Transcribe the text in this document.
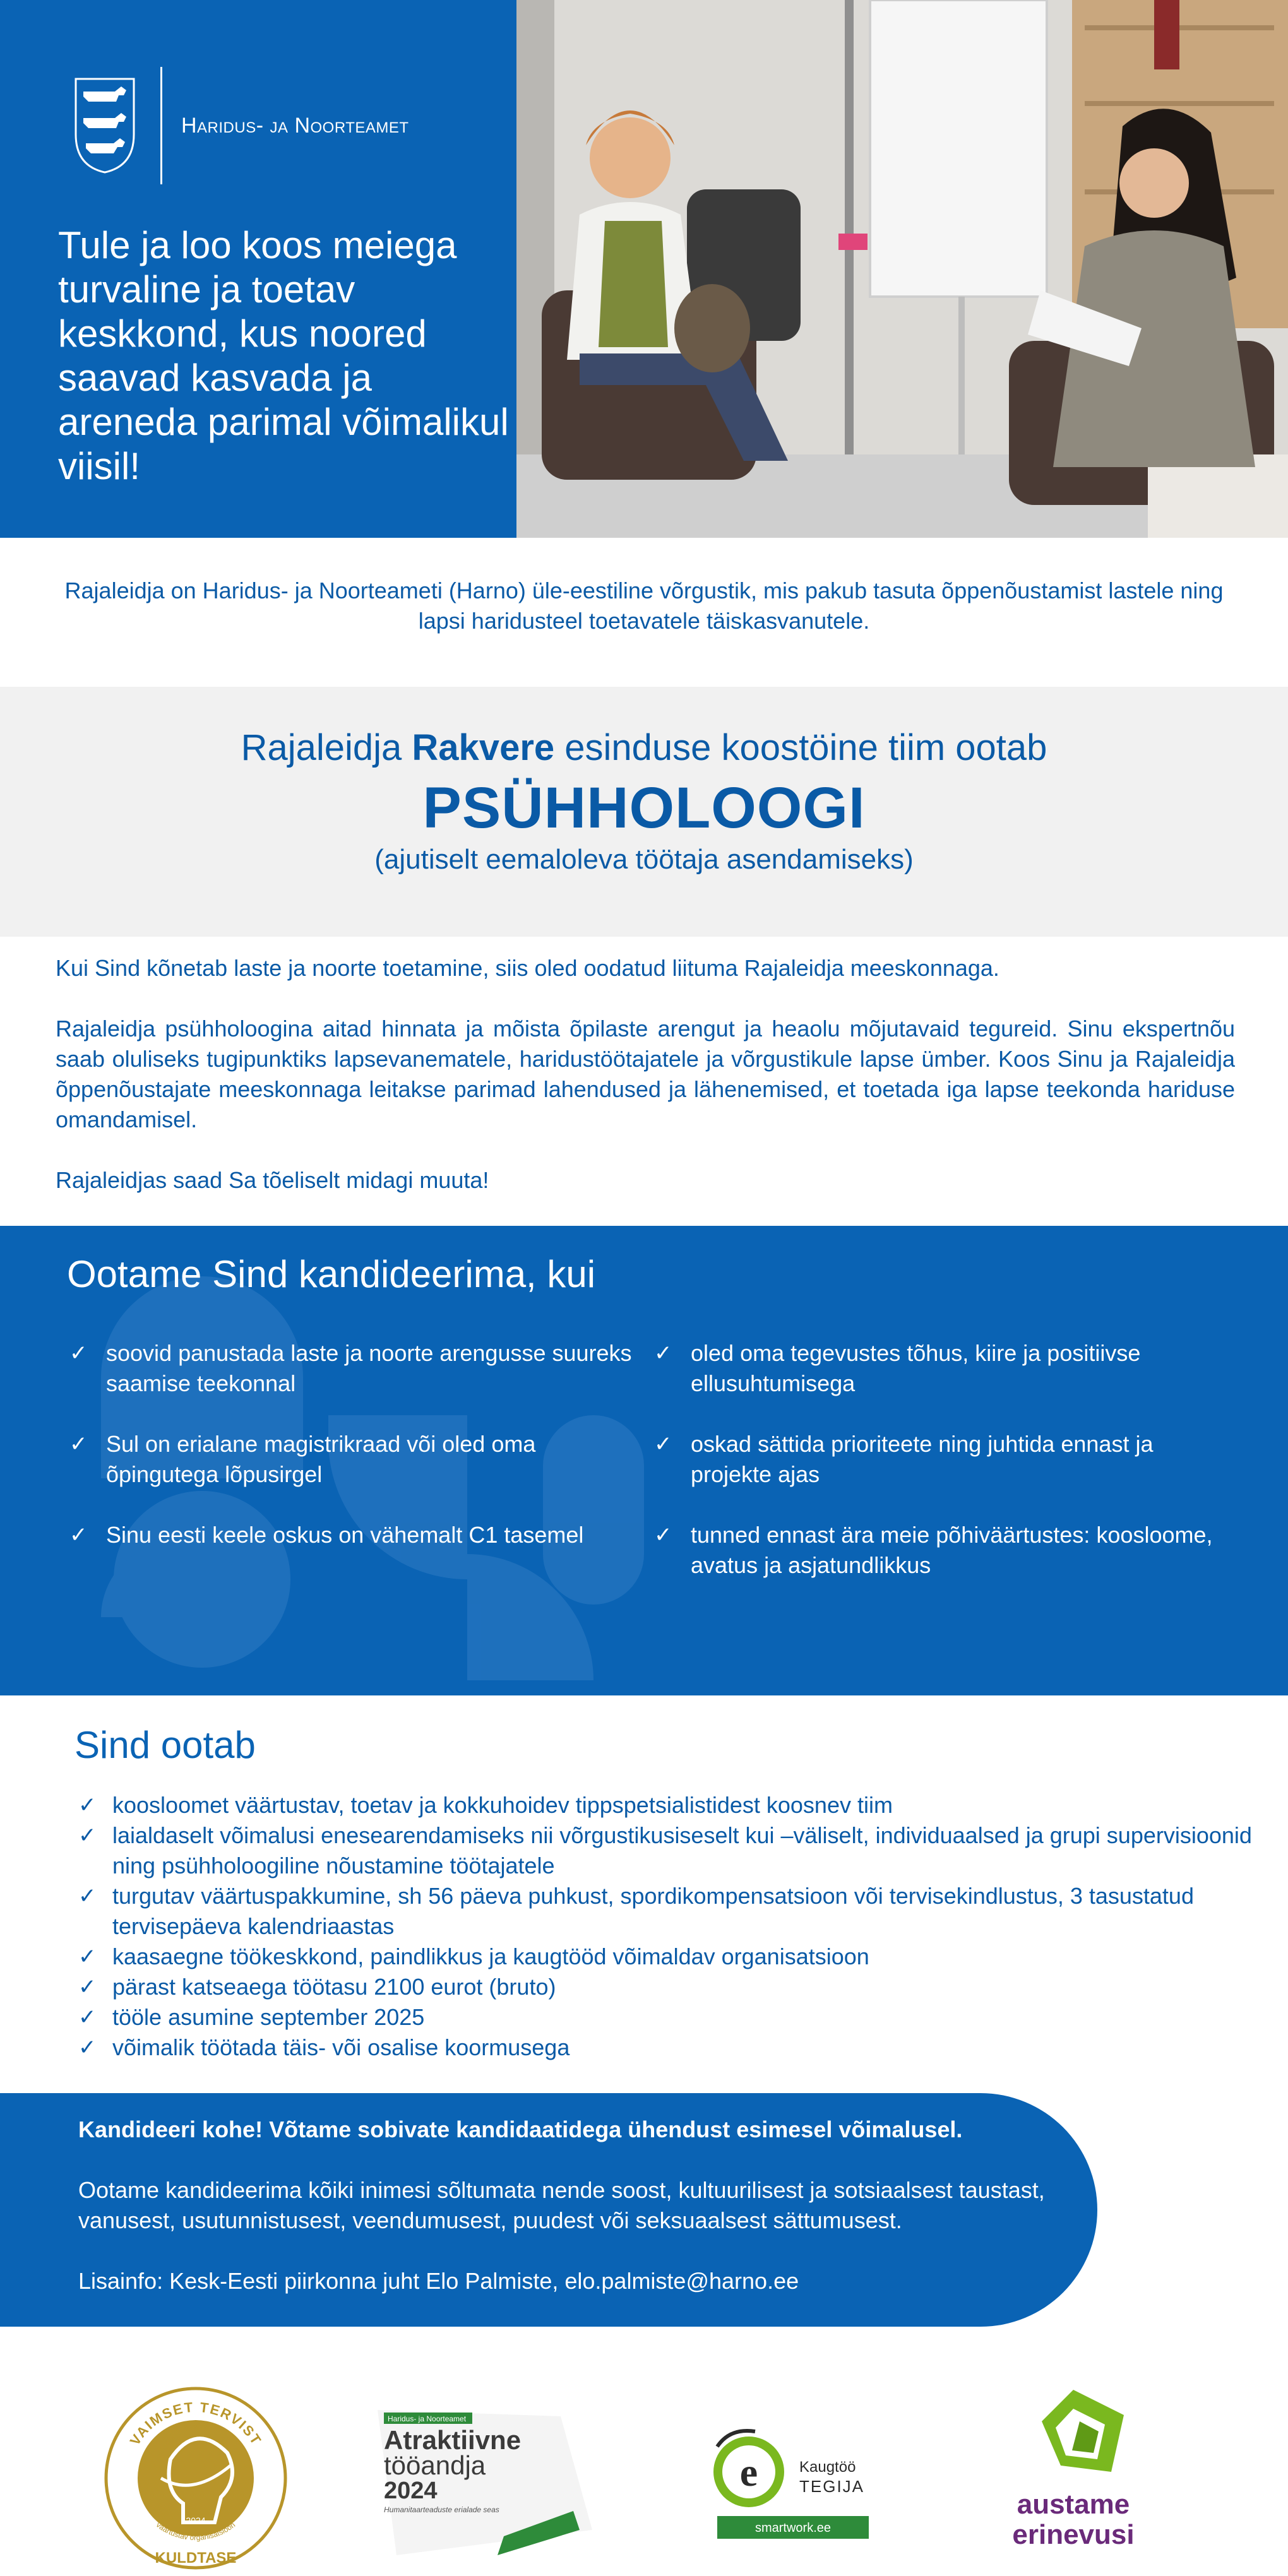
Haridus- ja Noorteamet
Tule ja loo koos meiega turvaline ja toetav keskkond, kus noored saavad kasvada ja areneda parimal võimalikul viisil!

Rajaleidja on Haridus- ja Noorteameti (Harno) üle-eestiline võrgustik, mis pakub tasuta õppenõustamist lastele ning lapsi haridusteel toetavatele täiskasvanutele.

Rajaleidja Rakvere esinduse koostöine tiim ootab
PSÜHHOLOOGI
(ajutiselt eemaloleva töötaja asendamiseks)

Kui Sind kõnetab laste ja noorte toetamine, siis oled oodatud liituma Rajaleidja meeskonnaga.

Rajaleidja psühholoogina aitad hinnata ja mõista õpilaste arengut ja heaolu mõjutavaid tegureid. Sinu ekspertnõu saab oluliseks tugipunktiks lapsevanematele, haridustöötajatele ja võrgustikule lapse ümber. Koos Sinu ja Rajaleidja õppenõustajate meeskonnaga leitakse parimad lahendused ja lähenemised, et toetada iga lapse teekonda hariduse omandamisel.

Rajaleidjas saad Sa tõeliselt midagi muuta!

Ootame Sind kandideerima, kui
✓ soovid panustada laste ja noorte arengusse suureks saamise teekonnal
✓ Sul on erialane magistrikraad või oled oma õpingutega lõpusirgel
✓ Sinu eesti keele oskus on vähemalt C1 tasemel
✓ oled oma tegevustes tõhus, kiire ja positiivse ellusuhtumisega
✓ oskad sättida prioriteete ning juhtida ennast ja projekte ajas
✓ tunned ennast ära meie põhiväärtustes: koosloome, avatus ja asjatundlikkus
Sind ootab
✓ koosloomet väärtustav, toetav ja kokkuhoidev tippspetsialistidest koosnev tiim
✓ laialdaselt võimalusi enesearendamiseks nii võrgustikusiseselt kui –väliselt, individuaalsed ja grupi supervisioonid ning psühholoogiline nõustamine töötajatele
✓ turgutav väärtuspakkumine, sh 56 päeva puhkust, spordikompensatsioon või tervisekindlustus, 3 tasustatud tervisepäeva kalendriaastas
✓ kaasaegne töökeskkond, paindlikkus ja kaugtööd võimaldav organisatsioon
✓ pärast katseaega töötasu 2100 eurot (bruto)
✓ tööle asumine september 2025
✓ võimalik töötada täis- või osalise koormusega

Kandideeri kohe! Võtame sobivate kandidaatidega ühendust esimesel võimalusel.

Ootame kandideerima kõiki inimesi sõltumata nende soost, kultuurilisest ja sotsiaalsest taustast, vanusest, usutunnistusest, veendumusest, puudest või seksuaalsest sättumusest.

Lisainfo: Kesk-Eesti piirkonna juht Elo Palmiste, elo.palmiste@harno.ee

VAIMSET TERVIST
2024
väärtustav organisatsioon
KULDTASE
Haridus- ja Noorteamet
Atraktiivne
tööandja
2024
Humanitaarteaduste erialade seas
e	Kaugtöö
TEGIJA
smartwork.ee
austame
erinevusi
